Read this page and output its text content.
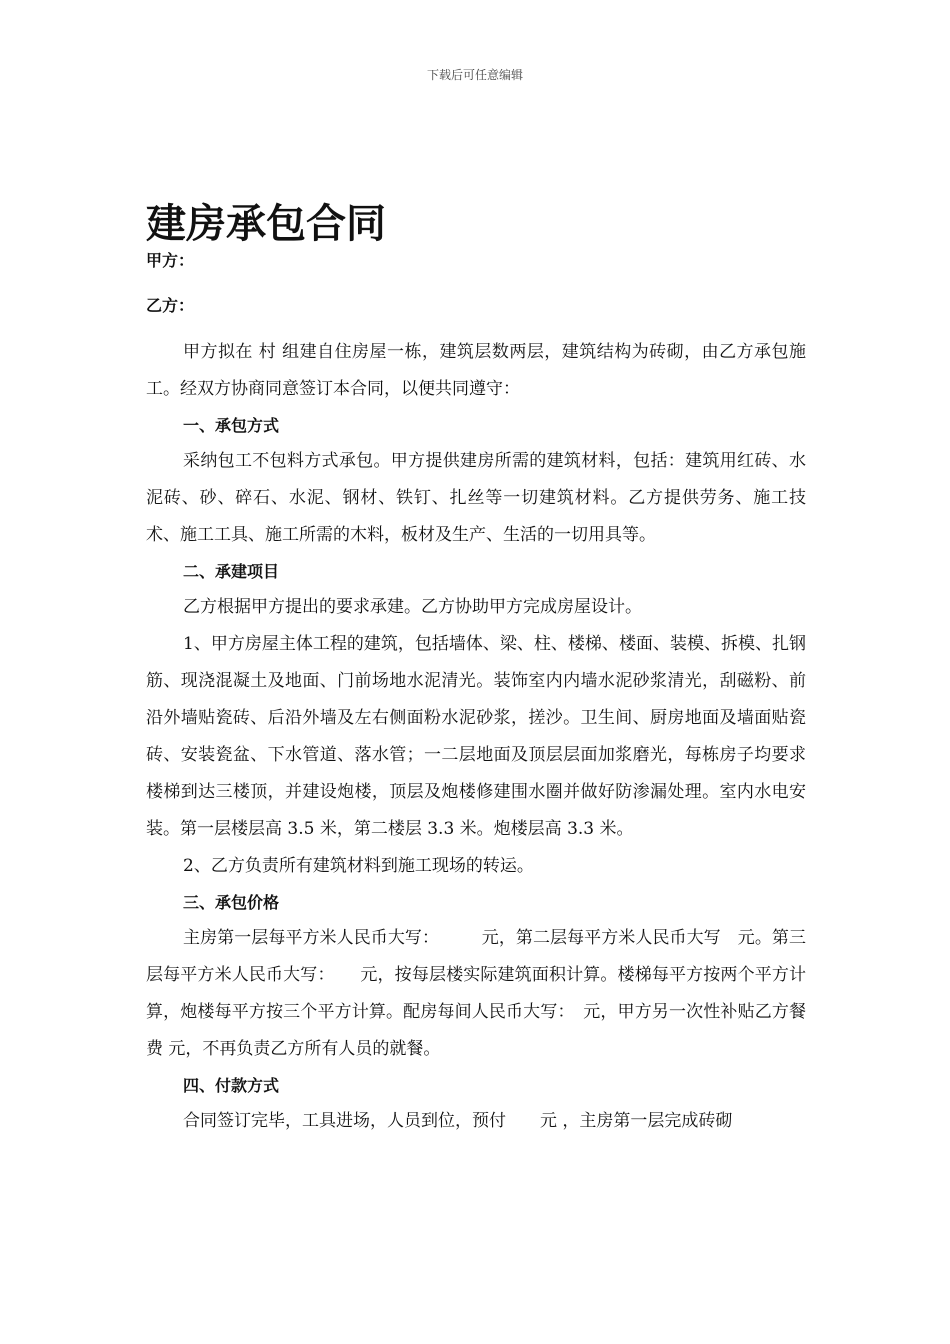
下载后可任意编辑
建房承包合同

甲方：

乙方：

甲方拟在 村 组建自住房屋一栋，建筑层数两层，建筑结构为砖砌，由乙方承包施工。经双方协商同意签订本合同，以便共同遵守：

一、承包方式

采纳包工不包料方式承包。甲方提供建房所需的建筑材料，包括：建筑用红砖、水泥砖、砂、碎石、水泥、钢材、铁钉、扎丝等一切建筑材料。乙方提供劳务、施工技术、施工工具、施工所需的木料，板材及生产、生活的一切用具等。

二、承建项目

乙方根据甲方提出的要求承建。乙方协助甲方完成房屋设计。

1、甲方房屋主体工程的建筑，包括墙体、梁、柱、楼梯、楼面、装模、拆模、扎钢筋、现浇混凝土及地面、门前场地水泥清光。装饰室内内墙水泥砂浆清光，刮磁粉、前沿外墙贴瓷砖、后沿外墙及左右侧面粉水泥砂浆，搓沙。卫生间、厨房地面及墙面贴瓷砖、安装瓷盆、下水管道、落水管；一二层地面及顶层层面加浆磨光，每栋房子均要求楼梯到达三楼顶，并建设炮楼，顶层及炮楼修建围水圈并做好防渗漏处理。室内水电安装。第一层楼层高 3.5 米，第二楼层 3.3 米。炮楼层高 3.3 米。

2、乙方负责所有建筑材料到施工现场的转运。

三、承包价格

主房第一层每平方米人民币大写：　　　元，第二层每平方米人民币大写　元。第三层每平方米人民币大写：　　元，按每层楼实际建筑面积计算。楼梯每平方按两个平方计算，炮楼每平方按三个平方计算。配房每间人民币大写：　元，甲方另一次性补贴乙方餐费 元，不再负责乙方所有人员的就餐。

四、付款方式

合同签订完毕，工具进场，人员到位，预付　　元 ，主房第一层完成砖砌
